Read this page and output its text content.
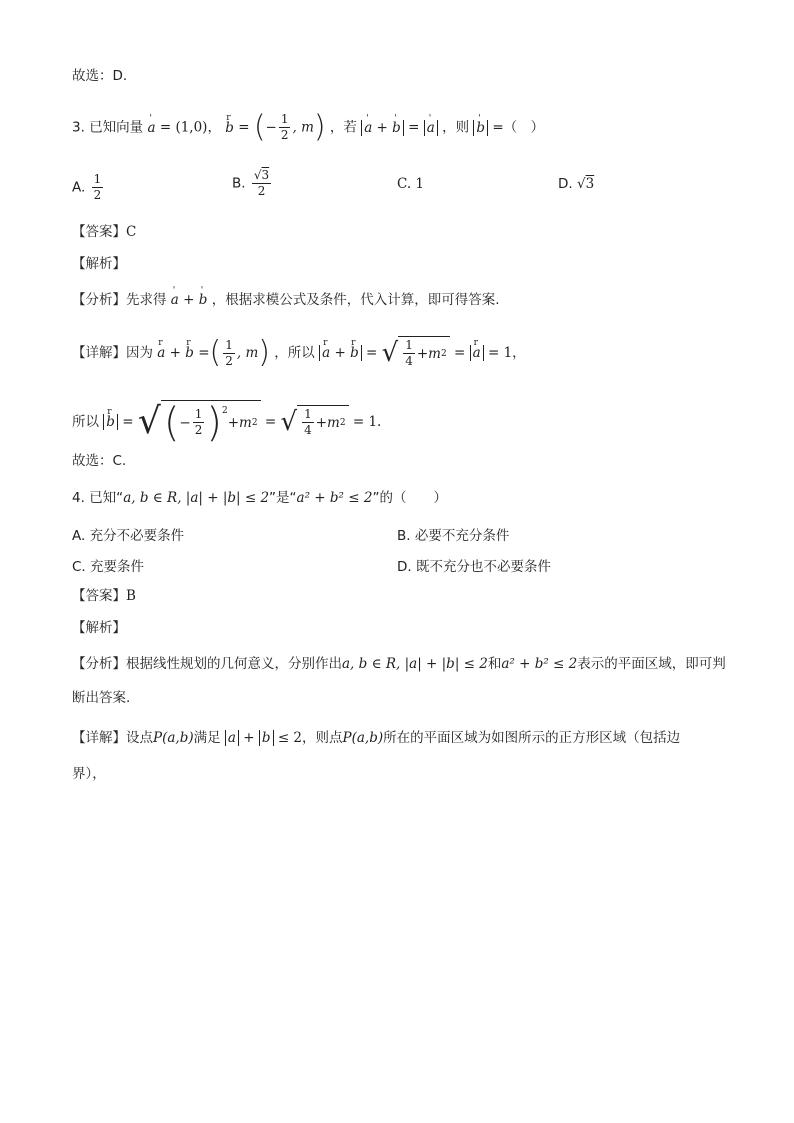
故选：D.
3. 已知向量 ' a = (1,0)， r b = (− $\frac{1}{2}$ , m) ，若 ' a + ' b = ' a ，则 ' b =（　）
A. $\frac{1}{2}$	B. $\frac{√3}{2}$	C. 1	D. √3
【答案】C
【解析】
【分析】先求得 ' a + ' b ，根据求模公式及条件，代入计算，即可得答案.
【详解】因为 r a + r b =( $\frac{1}{2}$ , m) ，所以 r a + r b = √ $\frac{1}{4} + m$ 2 = r a = 1，
所以 r b = √ ( − $\frac{1}{2} )^2$
+ m 2 = √ $\frac{1}{4} + m$ 2 = 1.
故选：C.
4. 已知“a, b ∈ R, |a| + |b| ≤ 2”是“a² + b² ≤ 2”的（　　）
A. 充分不必要条件	B. 必要不充分条件
C. 充要条件	D. 既不充分也不必要条件
【答案】B
【解析】
【分析】根据线性规划的几何意义，分别作出a, b ∈ R, |a| + |b| ≤ 2和a² + b² ≤ 2表示的平面区域，即可判
断出答案.
【详解】设点P(a,b)满足 a + b ≤ 2，则点P(a,b)所在的平面区域为如图所示的正方形区域（包括边
界），
